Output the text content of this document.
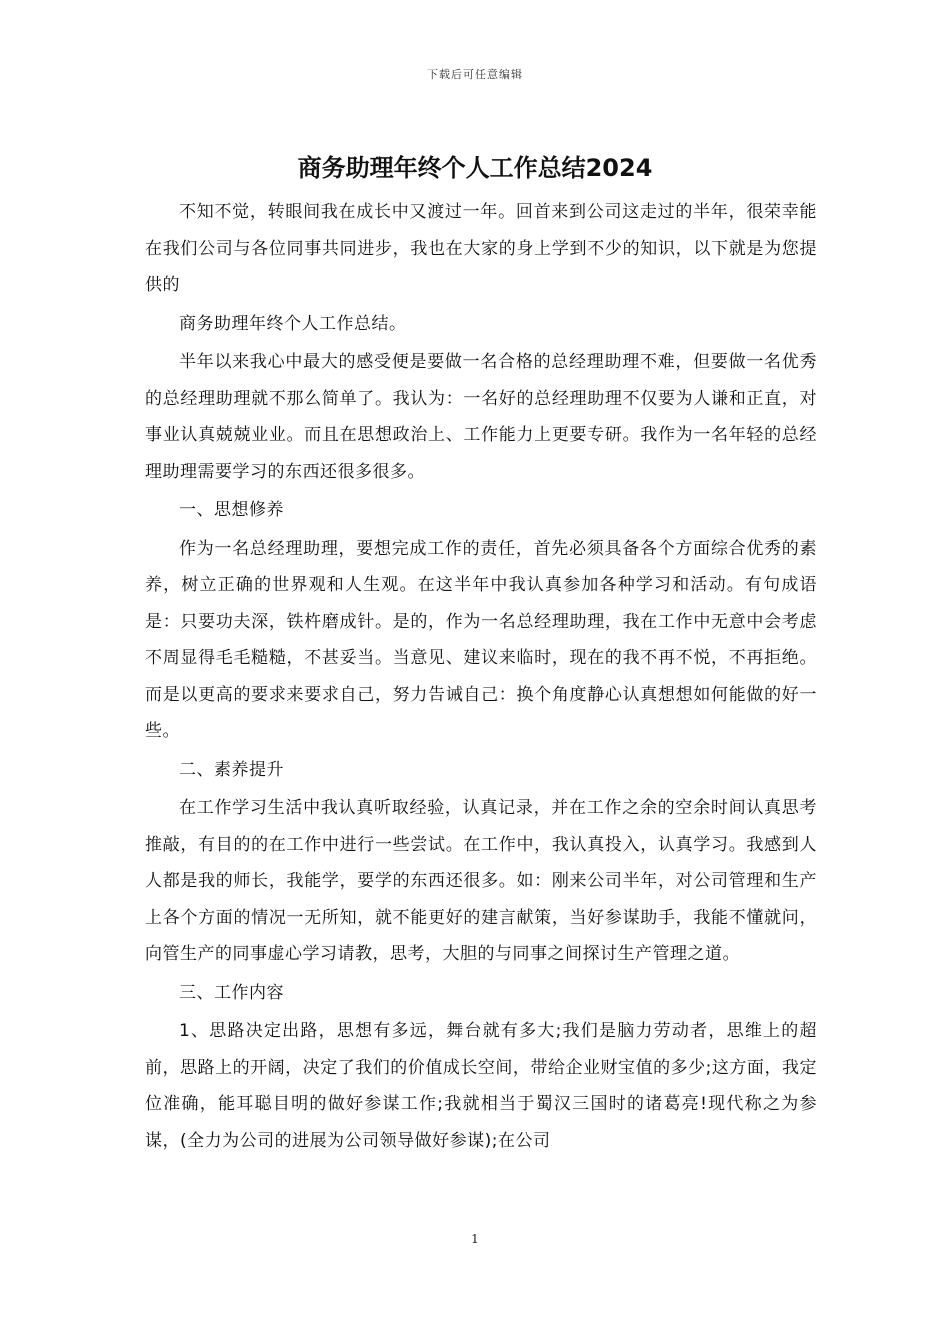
下载后可任意编辑
商务助理年终个人工作总结2024

不知不觉，转眼间我在成长中又渡过一年。回首来到公司这走过的半年，很荣幸能在我们公司与各位同事共同进步，我也在大家的身上学到不少的知识，以下就是为您提供的

商务助理年终个人工作总结。

半年以来我心中最大的感受便是要做一名合格的总经理助理不难，但要做一名优秀的总经理助理就不那么简单了。我认为：一名好的总经理助理不仅要为人谦和正直，对事业认真兢兢业业。而且在思想政治上、工作能力上更要专研。我作为一名年轻的总经理助理需要学习的东西还很多很多。

一、思想修养

作为一名总经理助理，要想完成工作的责任，首先必须具备各个方面综合优秀的素养，树立正确的世界观和人生观。在这半年中我认真参加各种学习和活动。有句成语是：只要功夫深，铁杵磨成针。是的，作为一名总经理助理，我在工作中无意中会考虑不周显得毛毛糙糙，不甚妥当。当意见、建议来临时，现在的我不再不悦，不再拒绝。而是以更高的要求来要求自己，努力告诫自己：换个角度静心认真想想如何能做的好一些。

二、素养提升

在工作学习生活中我认真听取经验，认真记录，并在工作之余的空余时间认真思考推敲，有目的的在工作中进行一些尝试。在工作中，我认真投入，认真学习。我感到人人都是我的师长，我能学，要学的东西还很多。如：刚来公司半年，对公司管理和生产上各个方面的情况一无所知，就不能更好的建言献策，当好参谋助手，我能不懂就问，向管生产的同事虚心学习请教，思考，大胆的与同事之间探讨生产管理之道。

三、工作内容

1、思路决定出路，思想有多远，舞台就有多大;我们是脑力劳动者，思维上的超前，思路上的开阔，决定了我们的价值成长空间，带给企业财宝值的多少;这方面，我定位准确，能耳聪目明的做好参谋工作;我就相当于蜀汉三国时的诸葛亮!现代称之为参谋，(全力为公司的进展为公司领导做好参谋);在公司

1
